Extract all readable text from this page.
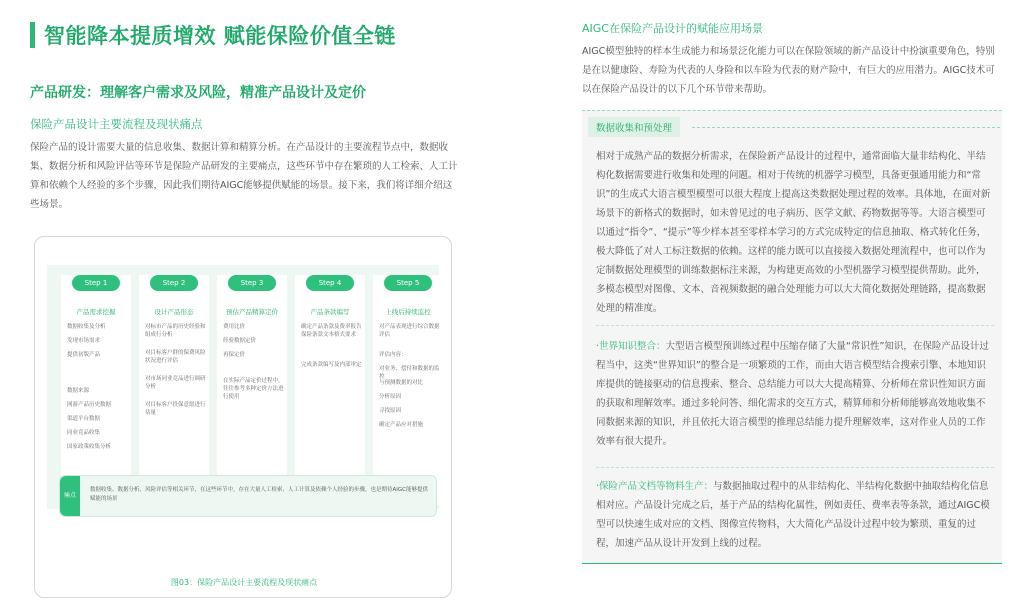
智能降本提质增效 赋能保险价值全链
产品研发：理解客户需求及风险，精准产品设计及定价
保险产品设计主要流程及现状痛点
保险产品的设计需要大量的信息收集、数据计算和精算分析。在产品设计的主要流程节点中，数据收集、数据分析和风险评估等环节是保险产品研发的主要痛点，这些环节中存在繁琐的人工检索、人工计算和依赖个人经验的多个步骤，因此我们期待AIGC能够提供赋能的场景。接下来，我们将详细介绍这些场景。
Step 1
产品需求挖掘
数据收集及分析
发现市场需求
提供初版产品
数据来源
网游产品历史数据
渠道平台数据
同业竞品收集
国家政策收集分析
Step 2
设计产品形态
对标市产品的历史经验和组成行分析
对目标客户群的保费风险状况进行评估
对市场同业竞品进行调研分析
对目标客户投保意愿进行估量
Step 3
预估产品精算定价
费用比价
经验数据定价
再保定价
在实际产品定价过程中，往往参考多种定价方法进行使用
Step 4
产品条款编写
确定产品条款及费率报告保险条款文本格式要求
完成条款编写及内部审定
Step 5
上线后持续监控
对产品表现进行综合数据评估
评估内容：
对业务、偿付和数据的监控
与预测数据的对比
分析原因
寻找原因
确定产品应对措施
痛点
数据收集、数据分析、风险评估等相关环节，在这些环节中，存在大量人工检索、人工计算及依赖个人经验的步骤，也是期待AIGC能够提供赋能的场景
图03：保险产品设计主要流程及现状痛点
AIGC在保险产品设计的赋能应用场景
AIGC模型独特的样本生成能力和场景泛化能力可以在保险领域的新产品设计中扮演重要角色，特别是在以健康险、寿险为代表的人身险和以车险为代表的财产险中，有巨大的应用潜力。AIGC技术可以在保险产品设计的以下几个环节带来帮助。
数据收集和预处理
相对于成熟产品的数据分析需求，在保险新产品设计的过程中，通常面临大量非结构化、半结构化数据需要进行收集和处理的问题。相对于传统的机器学习模型，具备更强通用能力和“常识”的生成式大语言模型模型可以很大程度上提高这类数据处理过程的效率。具体地，在面对新场景下的新格式的数据时，如未曾见过的电子病历、医学文献、药物数据等等。大语言模型可以通过“指令”、“提示”等少样本甚至零样本学习的方式完成特定的信息抽取、格式转化任务，极大降低了对人工标注数据的依赖。这样的能力既可以直接接入数据处理流程中，也可以作为定制数据处理模型的训练数据标注来源，为构建更高效的小型机器学习模型提供帮助。此外，多模态模型对图像、文本、音视频数据的融合处理能力可以大大简化数据处理链路，提高数据处理的精准度。
·世界知识整合：大型语言模型预训练过程中压缩存储了大量“常识性”知识，在保险产品设计过程当中，这类“世界知识”的整合是一项繁琐的工作，而由大语言模型结合搜索引擎、本地知识库提供的链接驱动的信息搜索、整合、总结能力可以大大提高精算、分析师在常识性知识方面的获取和理解效率。通过多轮问答、细化需求的交互方式，精算师和分析师能够高效地收集不同数据来源的知识，并且依托大语言模型的推理总结能力提升理解效率，这对作业人员的工作效率有很大提升。
·保险产品文档等物料生产：与数据抽取过程中的从非结构化、半结构化数据中抽取结构化信息相对应。产品设计完成之后，基于产品的结构化属性，例如责任、费率表等条款，通过AIGC模型可以快速生成对应的文档、图像宣传物料，大大简化产品设计过程中较为繁琐、重复的过程，加速产品从设计开发到上线的过程。
